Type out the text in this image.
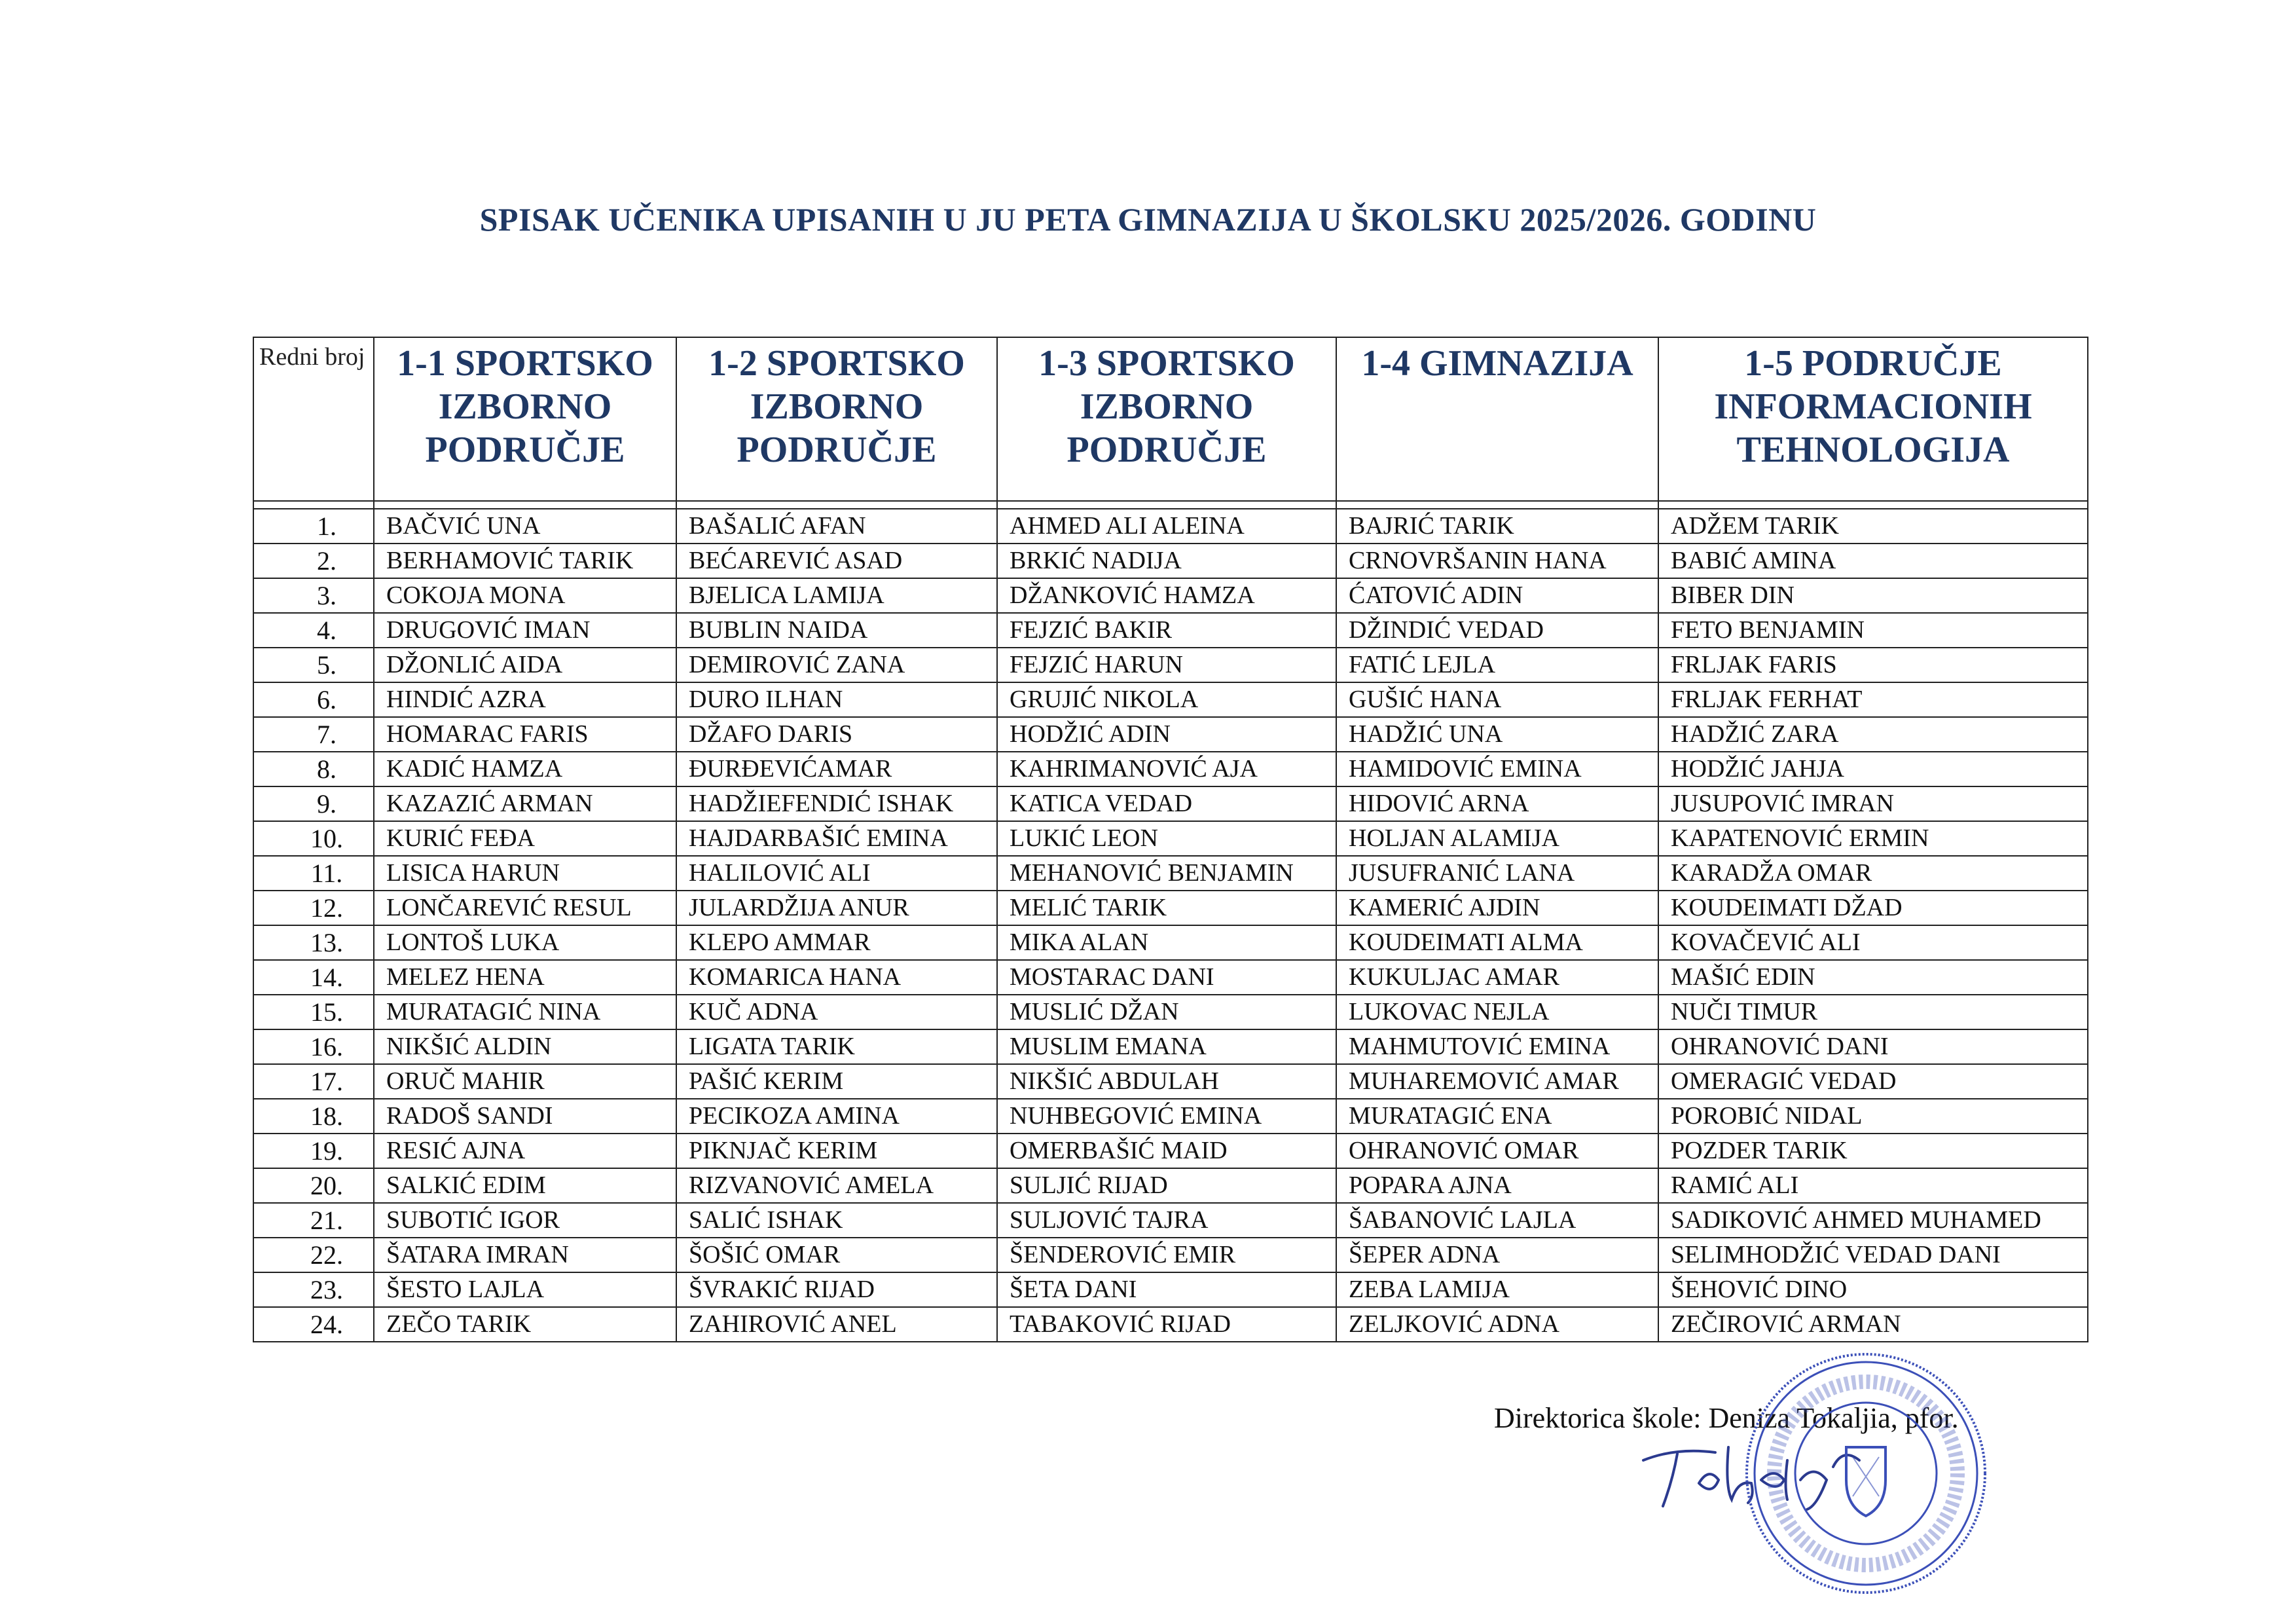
SPISAK UČENIKA UPISANIH U JU PETA GIMNAZIJA U ŠKOLSKU 2025/2026. GODINU
Redni broj	1-1 SPORTSKO IZBORNO PODRUČJE	1-2 SPORTSKO IZBORNO PODRUČJE	1-3 SPORTSKO IZBORNO PODRUČJE	1-4 GIMNAZIJA	1-5 PODRUČJE INFORMACIONIH TEHNOLOGIJA

1.	BAČVIĆ UNA	BAŠALIĆ AFAN	AHMED ALI ALEINA	BAJRIĆ TARIK	ADŽEM TARIK
2.	BERHAMOVIĆ TARIK	BEĆAREVIĆ ASAD	BRKIĆ NADIJA	CRNOVRŠANIN HANA	BABIĆ AMINA
3.	COKOJA MONA	BJELICA LAMIJA	DŽANKOVIĆ HAMZA	ĆATOVIĆ ADIN	BIBER DIN
4.	DRUGOVIĆ IMAN	BUBLIN NAIDA	FEJZIĆ BAKIR	DŽINDIĆ VEDAD	FETO BENJAMIN
5.	DŽONLIĆ AIDA	DEMIROVIĆ ZANA	FEJZIĆ HARUN	FATIĆ LEJLA	FRLJAK FARIS
6.	HINDIĆ AZRA	DURO ILHAN	GRUJIĆ NIKOLA	GUŠIĆ HANA	FRLJAK FERHAT
7.	HOMARAC FARIS	DŽAFO DARIS	HODŽIĆ ADIN	HADŽIĆ UNA	HADŽIĆ ZARA
8.	KADIĆ HAMZA	ĐURĐEVIĆAMAR	KAHRIMANOVIĆ AJA	HAMIDOVIĆ EMINA	HODŽIĆ JAHJA
9.	KAZAZIĆ ARMAN	HADŽIEFENDIĆ ISHAK	KATICA VEDAD	HIDOVIĆ ARNA	JUSUPOVIĆ IMRAN
10.	KURIĆ FEĐA	HAJDARBAŠIĆ EMINA	LUKIĆ LEON	HOLJAN ALAMIJA	KAPATENOVIĆ ERMIN
11.	LISICA HARUN	HALILOVIĆ ALI	MEHANOVIĆ BENJAMIN	JUSUFRANIĆ LANA	KARADŽA OMAR
12.	LONČAREVIĆ RESUL	JULARDŽIJA ANUR	MELIĆ TARIK	KAMERIĆ AJDIN	KOUDEIMATI DŽAD
13.	LONTOŠ LUKA	KLEPO AMMAR	MIKA ALAN	KOUDEIMATI ALMA	KOVAČEVIĆ ALI
14.	MELEZ HENA	KOMARICA HANA	MOSTARAC DANI	KUKULJAC AMAR	MAŠIĆ EDIN
15.	MURATAGIĆ NINA	KUČ ADNA	MUSLIĆ DŽAN	LUKOVAC NEJLA	NUČI TIMUR
16.	NIKŠIĆ ALDIN	LIGATA TARIK	MUSLIM EMANA	MAHMUTOVIĆ EMINA	OHRANOVIĆ DANI
17.	ORUČ MAHIR	PAŠIĆ KERIM	NIKŠIĆ ABDULAH	MUHAREMOVIĆ AMAR	OMERAGIĆ VEDAD
18.	RADOŠ SANDI	PECIKOZA AMINA	NUHBEGOVIĆ EMINA	MURATAGIĆ ENA	POROBIĆ NIDAL
19.	RESIĆ AJNA	PIKNJAČ KERIM	OMERBAŠIĆ MAID	OHRANOVIĆ OMAR	POZDER TARIK
20.	SALKIĆ EDIM	RIZVANOVIĆ AMELA	SULJIĆ RIJAD	POPARA AJNA	RAMIĆ ALI
21.	SUBOTIĆ IGOR	SALIĆ ISHAK	SULJOVIĆ TAJRA	ŠABANOVIĆ LAJLA	SADIKOVIĆ AHMED MUHAMED
22.	ŠATARA IMRAN	ŠOŠIĆ OMAR	ŠENDEROVIĆ EMIR	ŠEPER ADNA	SELIMHODŽIĆ VEDAD DANI
23.	ŠESTO LAJLA	ŠVRAKIĆ RIJAD	ŠETA DANI	ZEBA LAMIJA	ŠEHOVIĆ DINO
24.	ZEČO TARIK	ZAHIROVIĆ ANEL	TABAKOVIĆ RIJAD	ZELJKOVIĆ ADNA	ZEČIROVIĆ ARMAN
Direktorica škole: Deniza Tokaljia, pfor.
